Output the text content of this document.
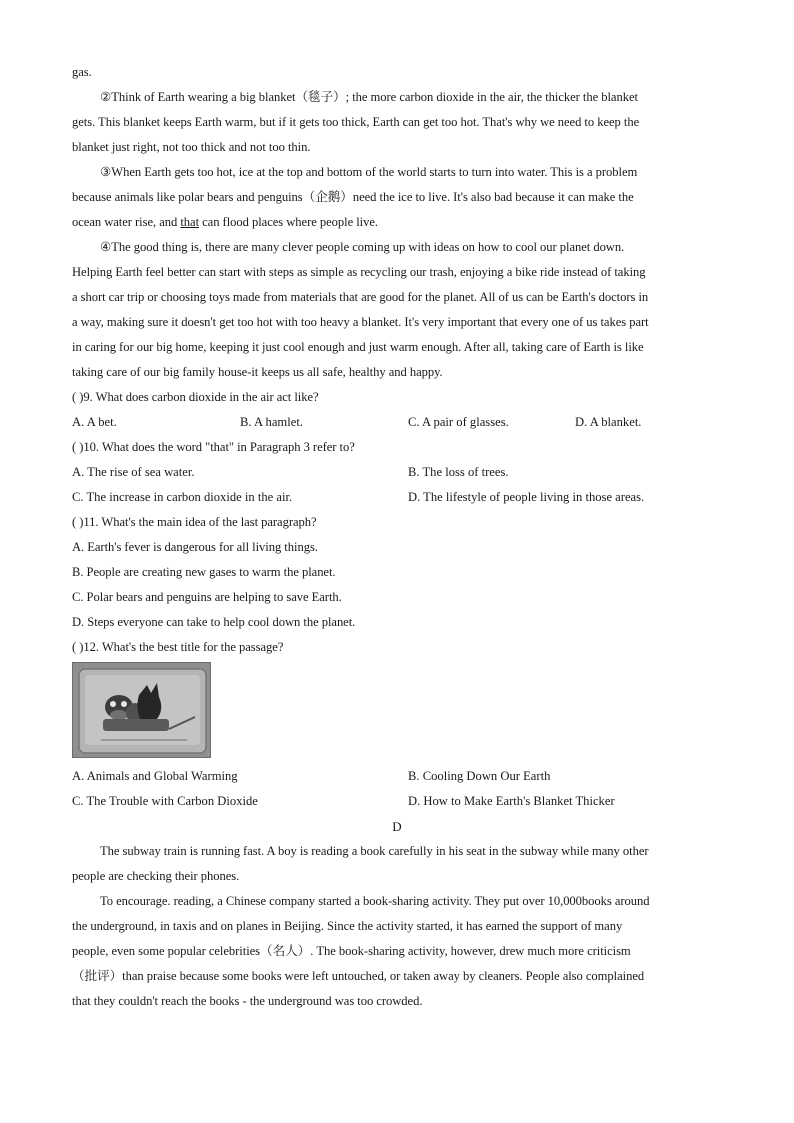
gas.
②Think of Earth wearing a big blanket（毯子）; the more carbon dioxide in the air, the thicker the blanket
gets. This blanket keeps Earth warm, but if it gets too thick, Earth can get too hot. That's why we need to keep the
blanket just right, not too thick and not too thin.
③When Earth gets too hot, ice at the top and bottom of the world starts to turn into water. This is a problem
because animals like polar bears and penguins（企鹅）need the ice to live. It's also bad because it can make the
ocean water rise, and that can flood places where people live.
④The good thing is, there are many clever people coming up with ideas on how to cool our planet down.
Helping Earth feel better can start with steps as simple as recycling our trash, enjoying a bike ride instead of taking
a short car trip or choosing toys made from materials that are good for the planet. All of us can be Earth's doctors in
a way, making sure it doesn't get too hot with too heavy a blanket. It's very important that every one of us takes part
in caring for our big home, keeping it just cool enough and just warm enough. After all, taking care of Earth is like
taking care of our big family house-it keeps us all safe, healthy and happy.
( )9. What does carbon dioxide in the air act like?
A. A bet.	B. A hamlet.	C. A pair of glasses.	D. A blanket.
( )10. What does the word "that" in Paragraph 3 refer to?
A. The rise of sea water.	B. The loss of trees.
C. The increase in carbon dioxide in the air.	D. The lifestyle of people living in those areas.
( )11. What's the main idea of the last paragraph?
A. Earth's fever is dangerous for all living things.
B. People are creating new gases to warm the planet.
C. Polar bears and penguins are helping to save Earth.
D. Steps everyone can take to help cool down the planet.
( )12. What's the best title for the passage?
A. Animals and Global Warming	B. Cooling Down Our Earth
C. The Trouble with Carbon Dioxide	D. How to Make Earth's Blanket Thicker
D
The subway train is running fast. A boy is reading a book carefully in his seat in the subway while many other
people are checking their phones.
To encourage. reading, a Chinese company started a book-sharing activity. They put over 10,000books around
the underground, in taxis and on planes in Beijing. Since the activity started, it has earned the support of many
people, even some popular celebrities（名人）. The book-sharing activity, however, drew much more criticism
（批评）than praise because some books were left untouched, or taken away by cleaners. People also complained
that they couldn't reach the books - the underground was too crowded.
